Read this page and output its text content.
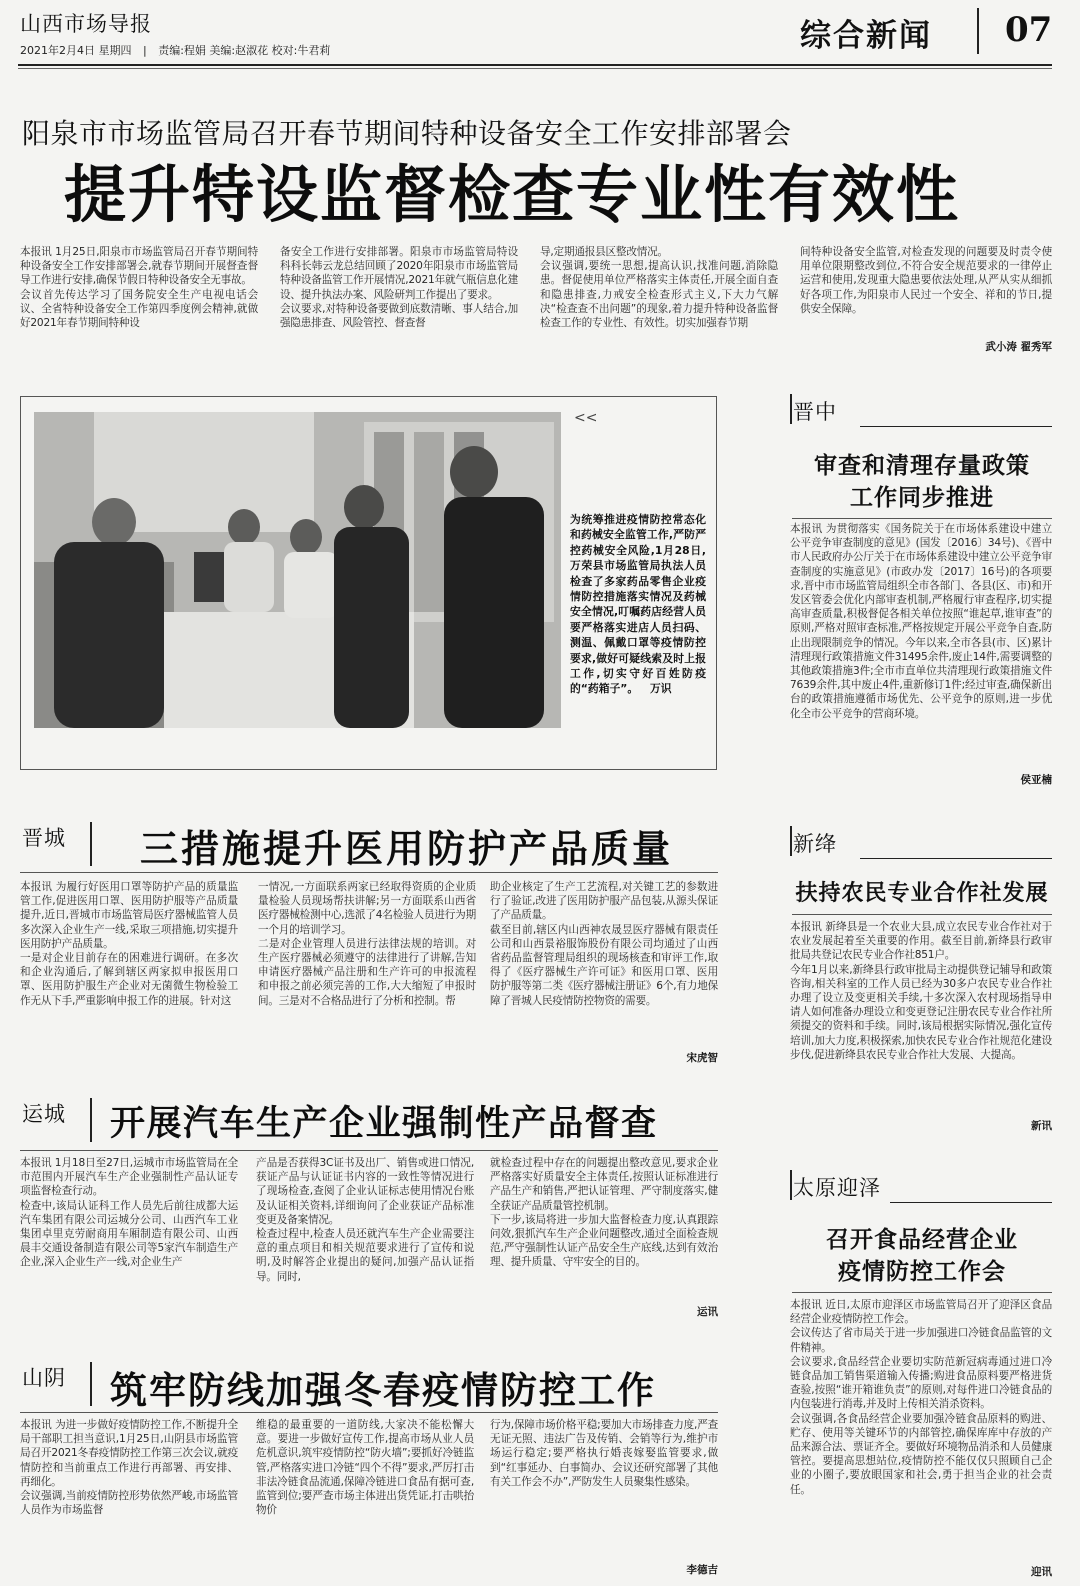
山西市场导报
2021年2月4日 星期四 | 责编:程娟 美编:赵淑花 校对:牛君莉	综合新闻 07
阳泉市市场监管局召开春节期间特种设备安全工作安排部署会
提升特设监督检查专业性有效性
本报讯 1月25日,阳泉市市场监管局召开春节期间特种设备安全工作安排部署会,就春节期间开展督查督导工作进行安排,确保节假日特种设备安全无事故。
会议首先传达学习了国务院安全生产电视电话会议、全省特种设备安全工作第四季度例会精神,就做好2021年春节期间特种设
备安全工作进行安排部署。阳泉市市场监管局特设科科长韩云龙总结回顾了2020年阳泉市市场监管局特种设备监管工作开展情况,2021年就气瓶信息化建设、提升执法办案、风险研判工作提出了要求。
会议要求,对特种设备要做到底数清晰、事人结合,加强隐患排查、风险管控、督查督
导,定期通报县区整改情况。
会议强调,要统一思想,提高认识,找准问题,消除隐患。督促使用单位严格落实主体责任,开展全面自查和隐患排查,力戒安全检查形式主义,下大力气解决“检查查不出问题”的现象,着力提升特种设备监督检查工作的专业性、有效性。切实加强春节期
间特种设备安全监管,对检查发现的问题要及时责令使用单位限期整改到位,不符合安全规范要求的一律停止运营和使用,发现重大隐患要依法处理,从严从实从细抓好各项工作,为阳泉市人民过一个安全、祥和的节日,提供安全保障。
武小涛 翟秀军
<<
为统筹推进疫情防控常态化和药械安全监管工作,严防严控药械安全风险,1月28日,万荣县市场监管局执法人员检查了多家药品零售企业疫情防控措施落实情况及药械安全情况,叮嘱药店经营人员要严格落实进店人员扫码、测温、佩戴口罩等疫情防控要求,做好可疑线索及时上报工作,切实守好百姓防疫的“药箱子”。 万识
晋中
审查和清理存量政策
工作同步推进
本报讯 为贯彻落实《国务院关于在市场体系建设中建立公平竞争审查制度的意见》(国发〔2016〕34号)、《晋中市人民政府办公厅关于在市场体系建设中建立公平竞争审查制度的实施意见》(市政办发〔2017〕16号)的各项要求,晋中市市场监管局组织全市各部门、各县(区、市)和开发区管委会优化内部审查机制,严格履行审查程序,切实提高审查质量,积极督促各相关单位按照“谁起草,谁审查”的原则,严格对照审查标准,严格按规定开展公平竞争自查,防止出现限制竞争的情况。今年以来,全市各县(市、区)累计清理现行政策措施文件31495余件,废止14件,需要调整的其他政策措施3件;全市市直单位共清理现行政策措施文件7639余件,其中废止4件,重新修订1件;经过审查,确保新出台的政策措施遵循市场优先、公平竞争的原则,进一步优化全市公平竞争的营商环境。
侯亚楠
晋城 三措施提升医用防护产品质量
本报讯 为履行好医用口罩等防护产品的质量监管工作,促进医用口罩、医用防护服等产品质量提升,近日,晋城市市场监管局医疗器械监管人员多次深入企业生产一线,采取三项措施,切实提升医用防护产品质量。
一是对企业目前存在的困难进行调研。在多次和企业沟通后,了解到辖区两家拟申报医用口罩、医用防护服生产企业对无菌微生物检验工作无从下手,严重影响申报工作的进展。针对这
一情况,一方面联系两家已经取得资质的企业质量检验人员现场帮扶讲解;另一方面联系山西省医疗器械检测中心,选派了4名检验人员进行为期一个月的培训学习。
二是对企业管理人员进行法律法规的培训。对生产医疗器械必须遵守的法律进行了讲解,告知申请医疗器械产品注册和生产许可的申报流程和申报之前必须完善的工作,大大缩短了申报时间。三是对不合格品进行了分析和控制。帮
助企业核定了生产工艺流程,对关键工艺的参数进行了验证,改进了医用防护服产品包装,从源头保证了产品质量。
截至目前,辖区内山西神农晟昱医疗器械有限责任公司和山西景裕服饰股份有限公司均通过了山西省药品监督管理局组织的现场核查和审评工作,取得了《医疗器械生产许可证》和医用口罩、医用防护服等第二类《医疗器械注册证》6个,有力地保障了晋城人民疫情防控物资的需要。
宋虎智
新绛
扶持农民专业合作社发展
本报讯 新绛县是一个农业大县,成立农民专业合作社对于农业发展起着至关重要的作用。截至目前,新绛县行政审批局共登记农民专业合作社851户。
今年1月以来,新绛县行政审批局主动提供登记辅导和政策咨询,相关科室的工作人员已经为30多户农民专业合作社办理了设立及变更相关手续,十多次深入农村现场指导申请人如何准备办理设立和变更登记注册农民专业合作社所须提交的资料和手续。同时,该局根据实际情况,强化宣传培训,加大力度,积极探索,加快农民专业合作社规范化建设步伐,促进新绛县农民专业合作社大发展、大提高。
新讯
运城 开展汽车生产企业强制性产品督查
本报讯 1月18日至27日,运城市市场监管局在全市范围内开展汽车生产企业强制性产品认证专项监督检查行动。
检查中,该局认证科工作人员先后前往成都大运汽车集团有限公司运城分公司、山西汽车工业集团卓里克劳耐商用车厢制造有限公司、山西晨丰交通设备制造有限公司等5家汽车制造生产企业,深入企业生产一线,对企业生产
产品是否获得3C证书及出厂、销售或进口情况,获证产品与认证证书内容的一致性等情况进行了现场检查,查阅了企业认证标志使用情况台账及认证相关资料,详细询问了企业获证产品标准变更及备案情况。
检查过程中,检查人员还就汽车生产企业需要注意的重点项目和相关规范要求进行了宣传和说明,及时解答企业提出的疑问,加强产品认证指导。同时,
就检查过程中存在的问题提出整改意见,要求企业严格落实好质量安全主体责任,按照认证标准进行产品生产和销售,严把认证管理、严守制度落实,健全获证产品质量管控机制。
下一步,该局将进一步加大监督检查力度,认真跟踪问效,狠抓汽车生产企业问题整改,通过全面检查规范,严守强制性认证产品安全生产底线,达到有效治理、提升质量、守牢安全的目的。
运讯
太原迎泽
召开食品经营企业
疫情防控工作会
本报讯 近日,太原市迎泽区市场监管局召开了迎泽区食品经营企业疫情防控工作会。
会议传达了省市局关于进一步加强进口冷链食品监管的文件精神。
会议要求,食品经营企业要切实防范新冠病毒通过进口冷链食品加工销售渠道输入传播;购进食品原料要严格进货查验,按照“谁开箱谁负责”的原则,对每件进口冷链食品的内包装进行消毒,并及时上传相关消杀资料。
会议强调,各食品经营企业要加强冷链食品原料的购进、贮存、使用等关键环节的内部管控,确保库库中存放的产品来源合法、票证齐全。要做好环境物品消杀和人员健康管控。要提高思想站位,疫情防控不能仅仅只照顾自己企业的小圈子,要放眼国家和社会,勇于担当企业的社会责任。
迎讯
山阴 筑牢防线加强冬春疫情防控工作
本报讯 为进一步做好疫情防控工作,不断提升全局干部职工担当意识,1月25日,山阴县市场监管局召开2021冬春疫情防控工作第三次会议,就疫情防控和当前重点工作进行再部署、再安排、再细化。
会议强调,当前疫情防控形势依然严峻,市场监管人员作为市场监督
维稳的最重要的一道防线,大家决不能松懈大意。要进一步做好宣传工作,提高市场从业人员危机意识,筑牢疫情防控“防火墙”;要抓好冷链监管,严格落实进口冷链“四个不得”要求,严厉打击非法冷链食品流通,保障冷链进口食品有据可查,监管到位;要严查市场主体进出货凭证,打击哄抬物价
行为,保障市场价格平稳;要加大市场排查力度,严查无证无照、违法广告及传销、会销等行为,维护市场运行稳定;要严格执行婚丧嫁娶监管要求,做到“红事延办、白事简办、会议还研究部署了其他有关工作会不办”,严防发生人员聚集性感染。
李德吉
